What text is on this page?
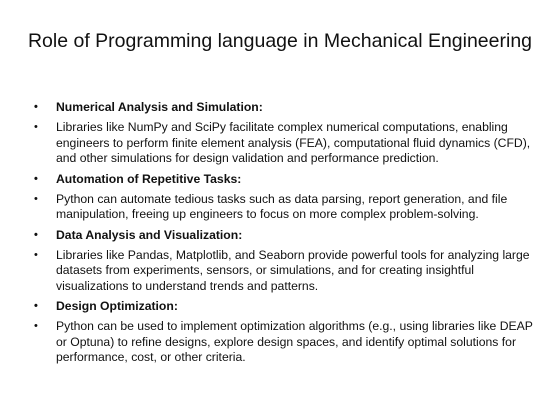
Role of Programming language in Mechanical Engineering
• Numerical Analysis and Simulation:
• Libraries like NumPy and SciPy facilitate complex numerical computations, enabling engineers to perform finite element analysis (FEA), computational fluid dynamics (CFD), and other simulations for design validation and performance prediction.
• Automation of Repetitive Tasks:
• Python can automate tedious tasks such as data parsing, report generation, and file manipulation, freeing up engineers to focus on more complex problem-solving.
• Data Analysis and Visualization:
• Libraries like Pandas, Matplotlib, and Seaborn provide powerful tools for analyzing large datasets from experiments, sensors, or simulations, and for creating insightful visualizations to understand trends and patterns.
• Design Optimization:
• Python can be used to implement optimization algorithms (e.g., using libraries like DEAP or Optuna) to refine designs, explore design spaces, and identify optimal solutions for performance, cost, or other criteria.
